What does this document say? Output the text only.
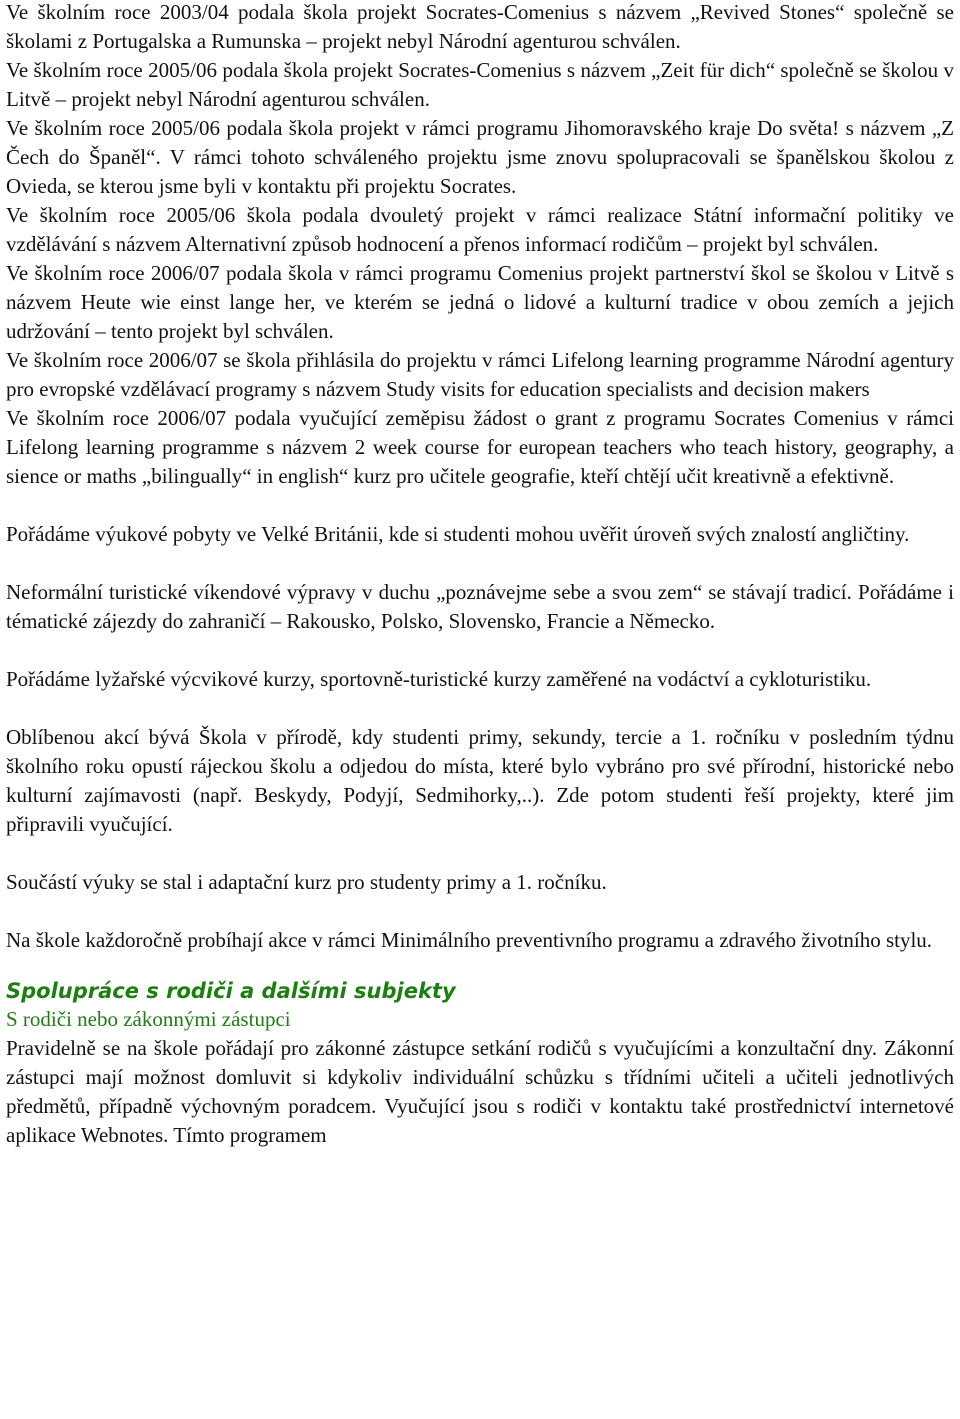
Ve školním roce 2003/04 podala škola projekt Socrates-Comenius s názvem „Revived Stones“ společně se školami z Portugalska a Rumunska – projekt nebyl Národní agenturou schválen.

Ve školním roce 2005/06 podala škola projekt Socrates-Comenius s názvem „Zeit für dich“ společně se školou v Litvě – projekt nebyl Národní agenturou schválen.

Ve školním roce 2005/06 podala škola projekt v rámci programu Jihomoravského kraje Do světa! s názvem „Z Čech do Španěl“. V rámci tohoto schváleného projektu jsme znovu spolupracovali se španělskou školou z Ovieda, se kterou jsme byli v kontaktu při projektu Socrates.

Ve školním roce 2005/06 škola podala dvouletý projekt v rámci realizace Státní informační politiky ve vzdělávání s názvem Alternativní způsob hodnocení a přenos informací rodičům – projekt byl schválen.

Ve školním roce 2006/07 podala škola v rámci programu Comenius projekt partnerství škol se školou v Litvě s názvem Heute wie einst lange her, ve kterém se jedná o lidové a kulturní tradice v obou zemích a jejich udržování – tento projekt byl schválen.

Ve školním roce 2006/07 se škola přihlásila do projektu v rámci Lifelong learning programme Národní agentury pro evropské vzdělávací programy s názvem Study visits for education specialists and decision makers

Ve školním roce 2006/07 podala vyučující zeměpisu žádost o grant z programu Socrates Comenius v rámci Lifelong learning programme s názvem 2 week course for european teachers who teach history, geography, a sience or maths „bilingually“ in english“ kurz pro učitele geografie, kteří chtějí učit kreativně a efektivně.

Pořádáme výukové pobyty ve Velké Británii, kde si studenti mohou uvěřit úroveň svých znalostí angličtiny.

Neformální turistické víkendové výpravy v duchu „poznávejme sebe a svou zem“ se stávají tradicí. Pořádáme i tématické zájezdy do zahraničí – Rakousko, Polsko, Slovensko, Francie a Německo.

Pořádáme lyžařské výcvikové kurzy, sportovně-turistické kurzy zaměřené na vodáctví a cykloturistiku.

Oblíbenou akcí bývá Škola v přírodě, kdy studenti primy, sekundy, tercie a 1. ročníku v posledním týdnu školního roku opustí rájeckou školu a odjedou do místa, které bylo vybráno pro své přírodní, historické nebo kulturní zajímavosti (např. Beskydy, Podyjí, Sedmihorky,..). Zde potom studenti řeší projekty, které jim připravili vyučující.

Součástí výuky se stal i adaptační kurz pro studenty primy a 1. ročníku.

Na škole každoročně probíhají akce v rámci Minimálního preventivního programu a zdravého životního stylu.

Spolupráce s rodiči a dalšími subjekty
S rodiči nebo zákonnými zástupci

Pravidelně se na škole pořádají pro zákonné zástupce setkání rodičů s vyučujícími a konzultační dny. Zákonní zástupci mají možnost domluvit si kdykoliv individuální schůzku s třídními učiteli a učiteli jednotlivých předmětů, případně výchovným poradcem. Vyučující jsou s rodiči v kontaktu také prostřednictví internetové aplikace Webnotes. Tímto programem
